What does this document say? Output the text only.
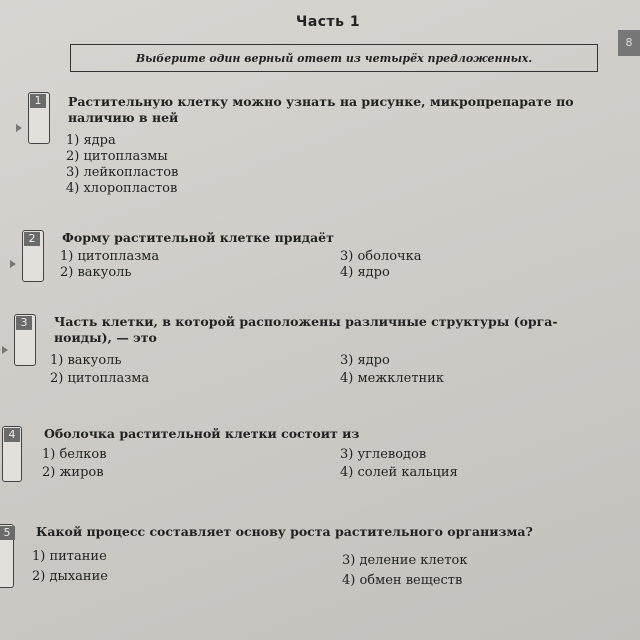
Часть 1
8
Выберите один верный ответ из четырёх предложенных.
1	Растительную клетку можно узнать на рисунке, микропрепарате по
наличию в ней
1) ядра
2) цитоплазмы
3) лейкопластов
4) хлоропластов
2	Форму растительной клетке придаёт
1) цитоплазма
2) вакуоль
3) оболочка
4) ядро
3	Часть клетки, в которой расположены различные структуры (орга-
ноиды), — это
1) вакуоль
2) цитоплазма
3) ядро
4) межклетник
4	Оболочка растительной клетки состоит из
1) белков
2) жиров
3) углеводов
4) солей кальция
5	Какой процесс составляет основу роста растительного организма?
1) питание
2) дыхание
3) деление клеток
4) обмен веществ
